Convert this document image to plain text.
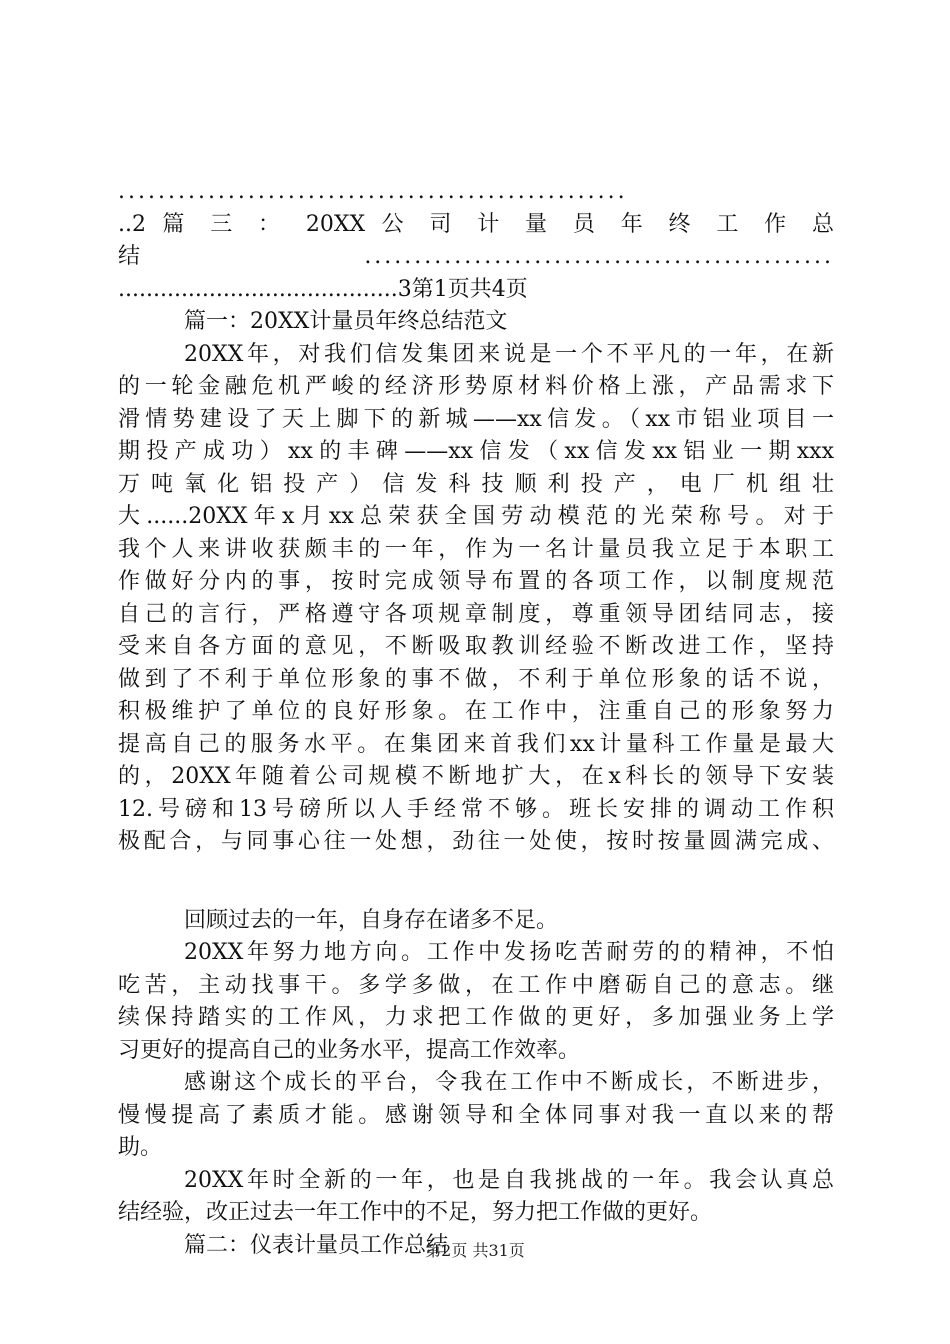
...................................................
..2 篇 三 ： 20XX 公 司 计 量 员 年 终 工 作 总
结...............................................
........................................3第1页共4页
篇一：20XX计量员年终总结范文
20XX年，对我们信发集团来说是一个不平凡的一年，在新
的一轮金融危机严峻的经济形势原材料价格上涨，产品需求下
滑情势建设了天上脚下的新城——xx信发。（xx市铝业项目一
期投产成功）xx的丰碑——xx信发（xx信发xx铝业一期xxx
万 吨 氧 化 铝 投 产 ） 信 发 科 技 顺 利 投 产 ， 电 厂 机 组 壮
大......20XX年x月xx总荣获全国劳动模范的光荣称号。对于
我个人来讲收获颇丰的一年，作为一名计量员我立足于本职工
作做好分内的事，按时完成领导布置的各项工作，以制度规范
自己的言行，严格遵守各项规章制度，尊重领导团结同志，接
受来自各方面的意见，不断吸取教训经验不断改进工作，坚持
做到了不利于单位形象的事不做，不利于单位形象的话不说，
积极维护了单位的良好形象。在工作中，注重自己的形象努力
提高自己的服务水平。在集团来首我们xx计量科工作量是最大
的，20XX年随着公司规模不断地扩大，在x科长的领导下安装
12.号磅和13号磅所以人手经常不够。班长安排的调动工作积
极配合，与同事心往一处想，劲往一处使，按时按量圆满完成、
回顾过去的一年，自身存在诸多不足。
20XX年努力地方向。工作中发扬吃苦耐劳的的精神，不怕
吃苦，主动找事干。多学多做，在工作中磨砺自己的意志。继
续保持踏实的工作风，力求把工作做的更好，多加强业务上学
习更好的提高自己的业务水平，提高工作效率。
感谢这个成长的平台，令我在工作中不断成长，不断进步，
慢慢提高了素质才能。感谢领导和全体同事对我一直以来的帮
助。
20XX年时全新的一年，也是自我挑战的一年。我会认真总
结经验，改正过去一年工作中的不足，努力把工作做的更好。
篇二：仪表计量员工作总结
第2页 共31页
